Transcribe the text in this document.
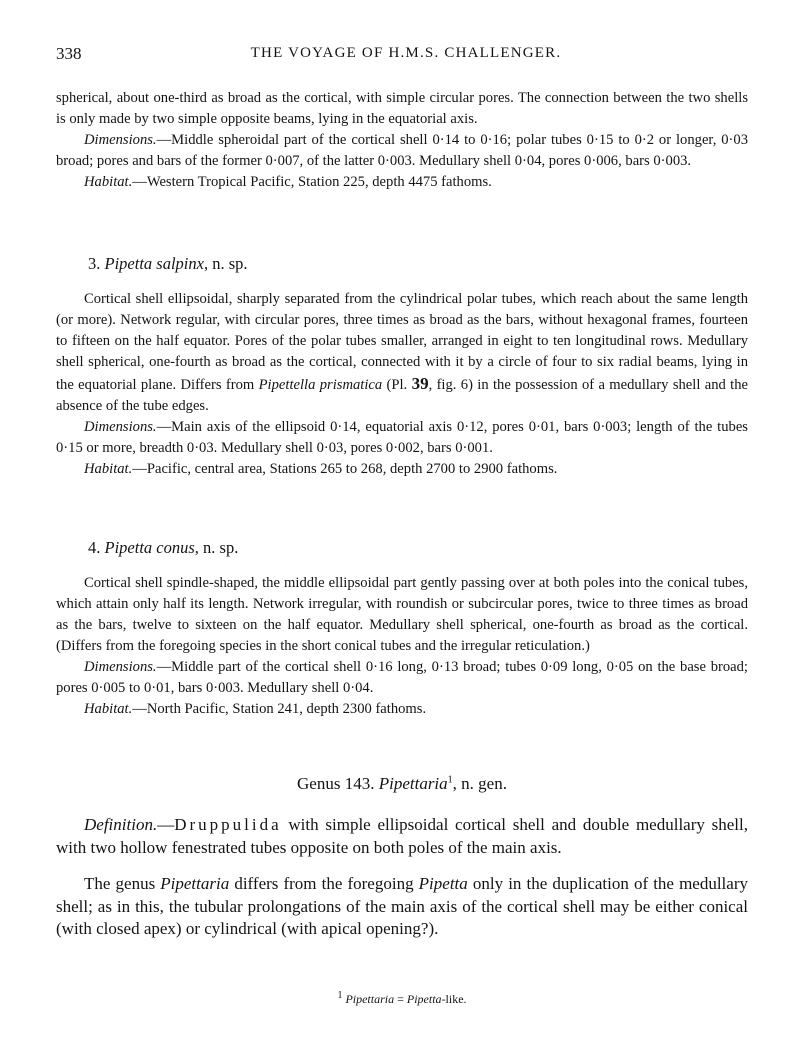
338	THE VOYAGE OF H.M.S. CHALLENGER.

spherical, about one-third as broad as the cortical, with simple circular pores. The connection between the two shells is only made by two simple opposite beams, lying in the equatorial axis.

Dimensions.—Middle spheroidal part of the cortical shell 0·14 to 0·16; polar tubes 0·15 to 0·2 or longer, 0·03 broad; pores and bars of the former 0·007, of the latter 0·003. Medullary shell 0·04, pores 0·006, bars 0·003.

Habitat.—Western Tropical Pacific, Station 225, depth 4475 fathoms.

3. Pipetta salpinx, n. sp.

Cortical shell ellipsoidal, sharply separated from the cylindrical polar tubes, which reach about the same length (or more). Network regular, with circular pores, three times as broad as the bars, without hexagonal frames, fourteen to fifteen on the half equator. Pores of the polar tubes smaller, arranged in eight to ten longitudinal rows. Medullary shell spherical, one-fourth as broad as the cortical, connected with it by a circle of four to six radial beams, lying in the equatorial plane. Differs from Pipettella prismatica (Pl. 39, fig. 6) in the possession of a medullary shell and the absence of the tube edges.

Dimensions.—Main axis of the ellipsoid 0·14, equatorial axis 0·12, pores 0·01, bars 0·003; length of the tubes 0·15 or more, breadth 0·03. Medullary shell 0·03, pores 0·002, bars 0·001.

Habitat.—Pacific, central area, Stations 265 to 268, depth 2700 to 2900 fathoms.

4. Pipetta conus, n. sp.

Cortical shell spindle-shaped, the middle ellipsoidal part gently passing over at both poles into the conical tubes, which attain only half its length. Network irregular, with roundish or subcircular pores, twice to three times as broad as the bars, twelve to sixteen on the half equator. Medullary shell spherical, one-fourth as broad as the cortical. (Differs from the foregoing species in the short conical tubes and the irregular reticulation.)

Dimensions.—Middle part of the cortical shell 0·16 long, 0·13 broad; tubes 0·09 long, 0·05 on the base broad; pores 0·005 to 0·01, bars 0·003. Medullary shell 0·04.

Habitat.—North Pacific, Station 241, depth 2300 fathoms.

Genus 143. Pipettaria$^1$, n. gen.

Definition.—Druppulida with simple ellipsoidal cortical shell and double medullary shell, with two hollow fenestrated tubes opposite on both poles of the main axis.

The genus Pipettaria differs from the foregoing Pipetta only in the duplication of the medullary shell; as in this, the tubular prolongations of the main axis of the cortical shell may be either conical (with closed apex) or cylindrical (with apical opening?).

$^1$ Pipettaria = Pipetta-like.
